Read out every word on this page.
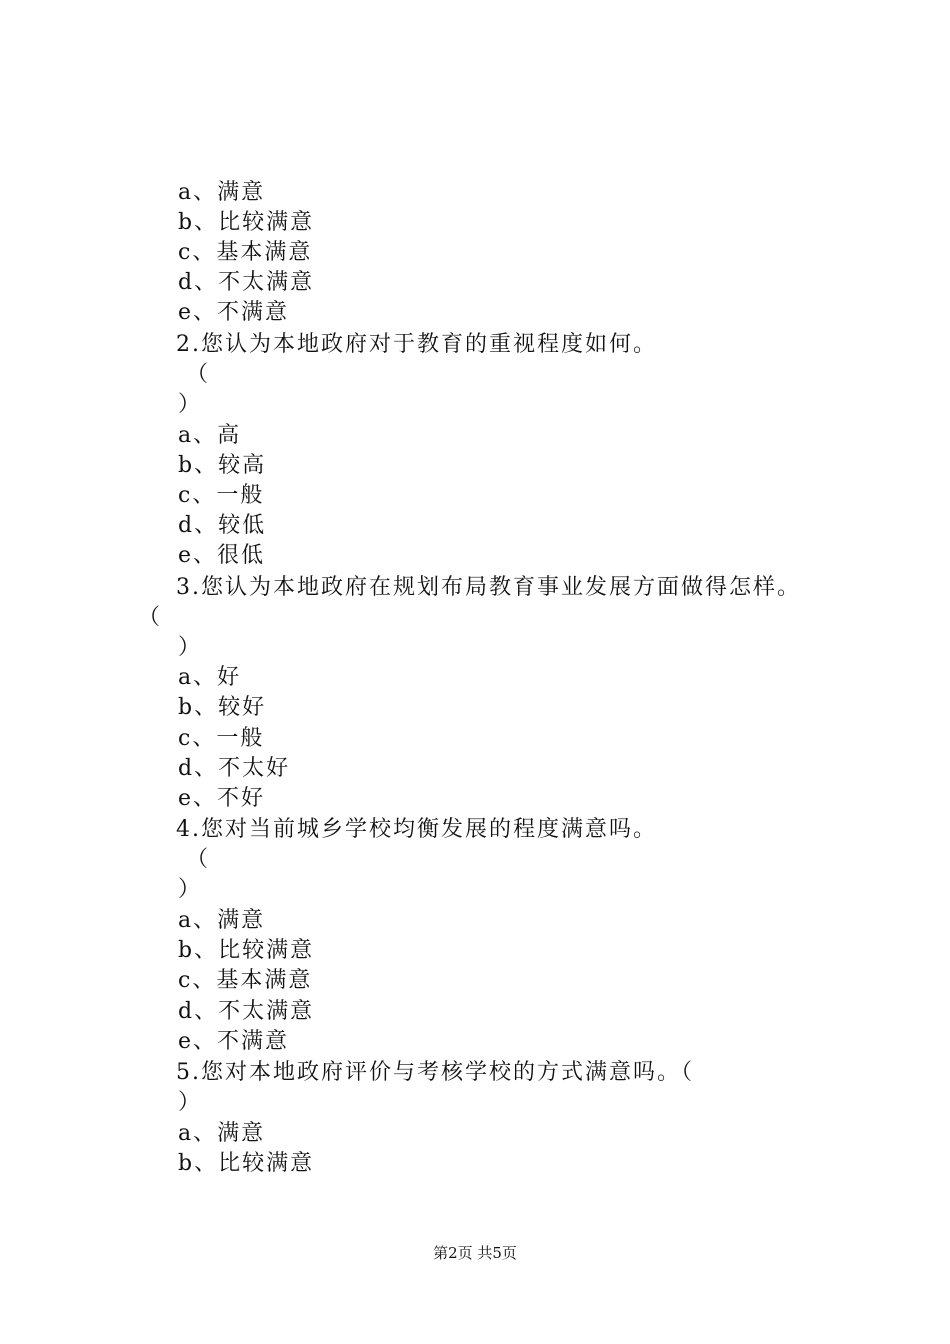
a、满意
b、比较满意
c、基本满意
d、不太满意
e、不满意
2.您认为本地政府对于教育的重视程度如何。
（
）
a、高
b、较高
c、一般
d、较低
e、很低
3.您认为本地政府在规划布局教育事业发展方面做得怎样。
（
）
a、好
b、较好
c、一般
d、不太好
e、不好
4.您对当前城乡学校均衡发展的程度满意吗。
（
）
a、满意
b、比较满意
c、基本满意
d、不太满意
e、不满意
5.您对本地政府评价与考核学校的方式满意吗。（
）
a、满意
b、比较满意
第2页 共5页
